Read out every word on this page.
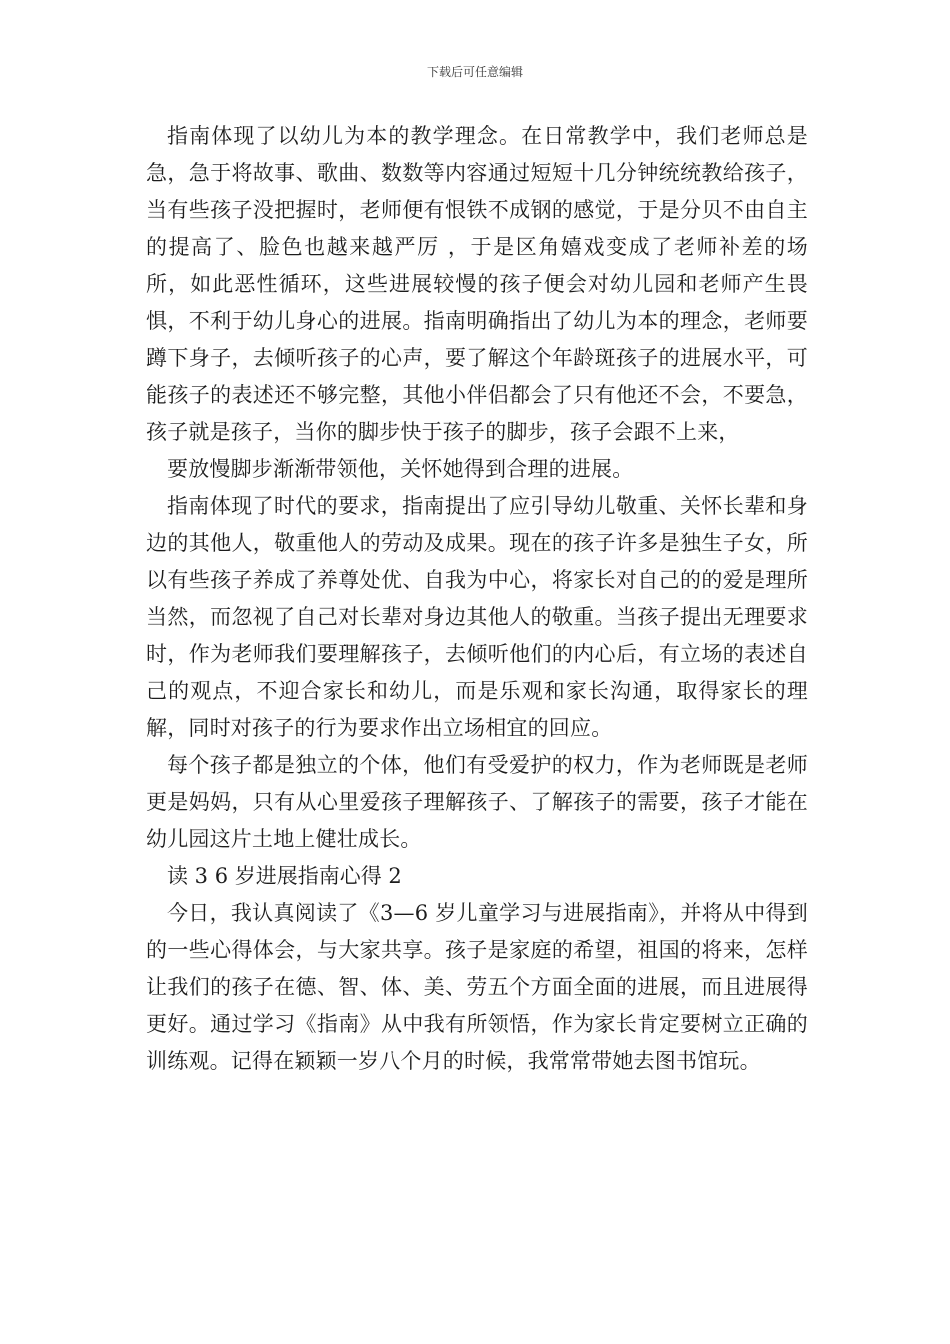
下载后可任意编辑

指南体现了以幼儿为本的教学理念。在日常教学中，我们老师总是急，急于将故事、歌曲、数数等内容通过短短十几分钟统统教给孩子，当有些孩子没把握时，老师便有恨铁不成钢的感觉，于是分贝不由自主的提高了、脸色也越来越严厉 ，于是区角嬉戏变成了老师补差的场所，如此恶性循环，这些进展较慢的孩子便会对幼儿园和老师产生畏惧，不利于幼儿身心的进展。指南明确指出了幼儿为本的理念，老师要蹲下身子，去倾听孩子的心声，要了解这个年龄斑孩子的进展水平，可能孩子的表述还不够完整，其他小伴侣都会了只有他还不会，不要急，孩子就是孩子，当你的脚步快于孩子的脚步，孩子会跟不上来，

要放慢脚步渐渐带领他，关怀她得到合理的进展。

指南体现了时代的要求，指南提出了应引导幼儿敬重、关怀长辈和身边的其他人，敬重他人的劳动及成果。现在的孩子许多是独生子女，所以有些孩子养成了养尊处优、自我为中心，将家长对自己的的爱是理所当然，而忽视了自己对长辈对身边其他人的敬重。当孩子提出无理要求时，作为老师我们要理解孩子，去倾听他们的内心后，有立场的表述自己的观点，不迎合家长和幼儿，而是乐观和家长沟通，取得家长的理解，同时对孩子的行为要求作出立场相宜的回应。

每个孩子都是独立的个体，他们有受爱护的权力，作为老师既是老师更是妈妈，只有从心里爱孩子理解孩子、了解孩子的需要，孩子才能在幼儿园这片土地上健壮成长。

读 3 6 岁进展指南心得 2

今日，我认真阅读了《3—6 岁儿童学习与进展指南》，并将从中得到的一些心得体会，与大家共享。孩子是家庭的希望，祖国的将来，怎样让我们的孩子在德、智、体、美、劳五个方面全面的进展，而且进展得更好。通过学习《指南》从中我有所领悟，作为家长肯定要树立正确的训练观。记得在颖颖一岁八个月的时候，我常常带她去图书馆玩。
